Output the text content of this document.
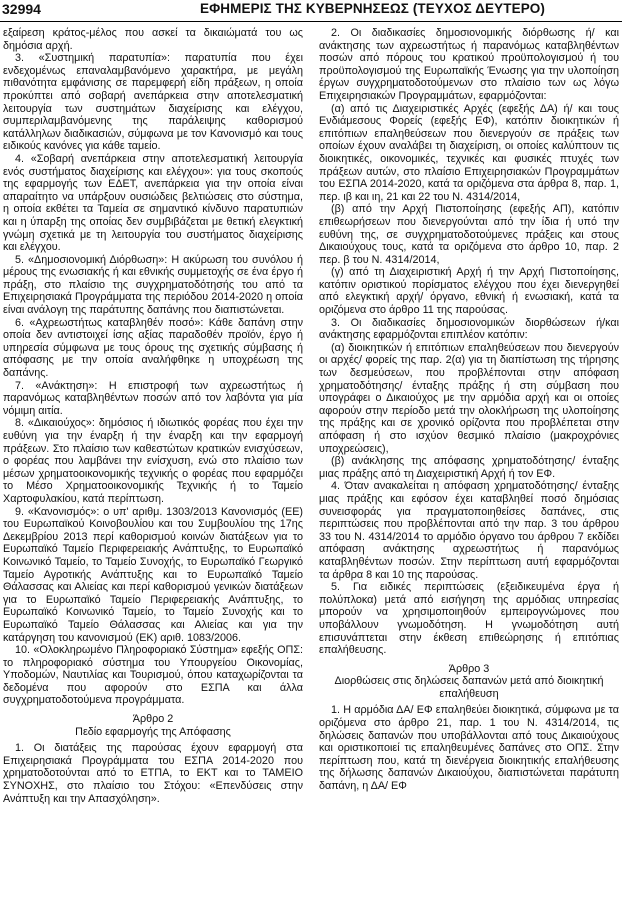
32994	ΕΦΗΜΕΡΙΣ ΤΗΣ ΚΥΒΕΡΝΗΣΕΩΣ (ΤΕΥΧΟΣ ΔΕΥΤΕΡΟ)

εξαίρεση κράτος-μέλος που ασκεί τα δικαιώματά του ως δημόσια αρχή.

3. «Συστημική παρατυπία»: παρατυπία που έχει ενδεχομένως επαναλαμβανόμενο χαρακτήρα, με μεγάλη πιθανότητα εμφάνισης σε παρεμφερή είδη πράξεων, η οποία προκύπτει από σοβαρή ανεπάρκεια στην αποτελεσματική λειτουργία των συστημάτων διαχείρισης και ελέγχου, συμπεριλαμβανόμενης της παράλειψης καθορισμού κατάλληλων διαδικασιών, σύμφωνα με τον Κανονισμό και τους ειδικούς κανόνες για κάθε ταμείο.

4. «Σοβαρή ανεπάρκεια στην αποτελεσματική λειτουργία ενός συστήματος διαχείρισης και ελέγχου»: για τους σκοπούς της εφαρμογής των ΕΔΕΤ, ανεπάρκεια για την οποία είναι απαραίτητο να υπάρξουν ουσιώδεις βελτιώσεις στο σύστημα, η οποία εκθέτει τα Ταμεία σε σημαντικό κίνδυνο παρατυπιών και η ύπαρξη της οποίας δεν συμβιβάζεται με θετική ελεγκτική γνώμη σχετικά με τη λειτουργία του συστήματος διαχείρισης και ελέγχου.

5. «Δημοσιονομική Διόρθωση»: Η ακύρωση του συνόλου ή μέρους της ενωσιακής ή και εθνικής συμμετοχής σε ένα έργο ή πράξη, στο πλαίσιο της συγχρηματοδότησής του από τα Επιχειρησιακά Προγράμματα της περιόδου 2014-2020 η οποία είναι ανάλογη της παράτυπης δαπάνης που διαπιστώνεται.

6. «Αχρεωστήτως καταβληθέν ποσό»: Κάθε δαπάνη στην οποία δεν αντιστοιχεί ίσης αξίας παραδοθέν προϊόν, έργο ή υπηρεσία σύμφωνα με τους όρους της σχετικής σύμβασης ή απόφασης με την οποία αναλήφθηκε η υποχρέωση της δαπάνης.

7. «Ανάκτηση»: Η επιστροφή των αχρεωστήτως ή παρανόμως καταβληθέντων ποσών από τον λαβόντα για μία νόμιμη αιτία.

8. «Δικαιούχος»: δημόσιος ή ιδιωτικός φορέας που έχει την ευθύνη για την έναρξη ή την έναρξη και την εφαρμογή πράξεων. Στο πλαίσιο των καθεστώτων κρατικών ενισχύσεων, ο φορέας που λαμβάνει την ενίσχυση, ενώ στο πλαίσιο των μέσων χρηματοοικονομικής τεχνικής ο φορέας που εφαρμόζει το Μέσο Χρηματοοικονομικής Τεχνικής ή το Ταμείο Χαρτοφυλακίου, κατά περίπτωση.

9. «Κανονισμός»: ο υπ' αριθμ. 1303/2013 Κανονισμός (ΕΕ) του Ευρωπαϊκού Κοινοβουλίου και του Συμβουλίου της 17ης Δεκεμβρίου 2013 περί καθορισμού κοινών διατάξεων για το Ευρωπαϊκό Ταμείο Περιφερειακής Ανάπτυξης, το Ευρωπαϊκό Κοινωνικό Ταμείο, το Ταμείο Συνοχής, το Ευρωπαϊκό Γεωργικό Ταμείο Αγροτικής Ανάπτυξης και το Ευρωπαϊκό Ταμείο Θάλασσας και Αλιείας και περί καθορισμού γενικών διατάξεων για το Ευρωπαϊκό Ταμείο Περιφερειακής Ανάπτυξης, το Ευρωπαϊκό Κοινωνικό Ταμείο, το Ταμείο Συνοχής και το Ευρωπαϊκό Ταμείο Θάλασσας και Αλιείας και για την κατάργηση του κανονισμού (ΕΚ) αριθ. 1083/2006.

10. «Ολοκληρωμένο Πληροφοριακό Σύστημα» εφεξής ΟΠΣ: το πληροφοριακό σύστημα του Υπουργείου Οικονομίας, Υποδομών, Ναυτιλίας και Τουρισμού, όπου καταχωρίζονται τα δεδομένα που αφορούν στο ΕΣΠΑ και άλλα συγχρηματοδοτούμενα προγράμματα.

Άρθρο 2

Πεδίο εφαρμογής της Απόφασης

1. Οι διατάξεις της παρούσας έχουν εφαρμογή στα Επιχειρησιακά Προγράμματα του ΕΣΠΑ 2014-2020 που χρηματοδοτούνται από το ΕΤΠΑ, το ΕΚΤ και το ΤΑΜΕΙΟ ΣΥΝΟΧΗΣ, στο πλαίσιο του Στόχου: «Επενδύσεις στην Ανάπτυξη και την Απασχόληση».

2. Οι διαδικασίες δημοσιονομικής διόρθωσης ή/ και ανάκτησης των αχρεωστήτως ή παρανόμως καταβληθέντων ποσών από πόρους του κρατικού προϋπολογισμού ή του προϋπολογισμού της Ευρωπαϊκής Ένωσης για την υλοποίηση έργων συγχρηματοδοτούμενων στο πλαίσιο των ως λόγω Επιχειρησιακών Προγραμμάτων, εφαρμόζονται:

(α) από τις Διαχειριστικές Αρχές (εφεξής ΔΑ) ή/ και τους Ενδιάμεσους Φορείς (εφεξής ΕΦ), κατόπιν διοικητικών ή επιτόπιων επαληθεύσεων που διενεργούν σε πράξεις των οποίων έχουν αναλάβει τη διαχείριση, οι οποίες καλύπτουν τις διοικητικές, οικονομικές, τεχνικές και φυσικές πτυχές των πράξεων αυτών, στο πλαίσιο Επιχειρησιακών Προγραμμάτων του ΕΣΠΑ 2014-2020, κατά τα οριζόμενα στα άρθρα 8, παρ. 1, περ. ιβ και ιη, 21 και 22 του Ν. 4314/2014,

(β) από την Αρχή Πιστοποίησης (εφεξής ΑΠ), κατόπιν επιθεωρήσεων που διενεργούνται από την ίδια ή υπό την ευθύνη της, σε συγχρηματοδοτούμενες πράξεις και στους Δικαιούχους τους, κατά τα οριζόμενα στο άρθρο 10, παρ. 2 περ. β του Ν. 4314/2014,

(γ) από τη Διαχειριστική Αρχή ή την Αρχή Πιστοποίησης, κατόπιν οριστικού πορίσματος ελέγχου που έχει διενεργηθεί από ελεγκτική αρχή/ όργανο, εθνική ή ενωσιακή, κατά τα οριζόμενα στο άρθρο 11 της παρούσας.

3. Οι διαδικασίες δημοσιονομικών διορθώσεων ή/και ανάκτησης εφαρμόζονται επιπλέον κατόπιν:

(α) διοικητικών ή επιτόπιων επαληθεύσεων που διενεργούν οι αρχές/ φορείς της παρ. 2(α) για τη διαπίστωση της τήρησης των δεσμεύσεων, που προβλέπονται στην απόφαση χρηματοδότησης/ ένταξης πράξης ή στη σύμβαση που υπογράφει ο Δικαιούχος με την αρμόδια αρχή και οι οποίες αφορούν στην περίοδο μετά την ολοκλήρωση της υλοποίησης της πράξης και σε χρονικό ορίζοντα που προβλέπεται στην απόφαση ή στο ισχύον θεσμικό πλαίσιο (μακροχρόνιες υποχρεώσεις),

(β) ανάκλησης της απόφασης χρηματοδότησης/ ένταξης μιας πράξης από τη Διαχειριστική Αρχή ή τον ΕΦ.

4. Όταν ανακαλείται η απόφαση χρηματοδότησης/ ένταξης μιας πράξης και εφόσον έχει καταβληθεί ποσό δημόσιας συνεισφοράς για πραγματοποιηθείσες δαπάνες, στις περιπτώσεις που προβλέπονται από την παρ. 3 του άρθρου 33 του Ν. 4314/2014 το αρμόδιο όργανο του άρθρου 7 εκδίδει απόφαση ανάκτησης αχρεωστήτως ή παρανόμως καταβληθέντων ποσών. Στην περίπτωση αυτή εφαρμόζονται τα άρθρα 8 και 10 της παρούσας.

5. Για ειδικές περιπτώσεις (εξειδικευμένα έργα ή πολύπλοκα) μετά από εισήγηση της αρμόδιας υπηρεσίας μπορούν να χρησιμοποιηθούν εμπειρογνώμονες που υποβάλλουν γνωμοδότηση. Η γνωμοδότηση αυτή επισυνάπτεται στην έκθεση επιθεώρησης ή επιτόπιας επαλήθευσης.

Άρθρο 3

Διορθώσεις στις δηλώσεις δαπανών μετά από διοικητική επαλήθευση

1. Η αρμόδια ΔΑ/ ΕΦ επαληθεύει διοικητικά, σύμφωνα με τα οριζόμενα στο άρθρο 21, παρ. 1 του Ν. 4314/2014, τις δηλώσεις δαπανών που υποβάλλονται από τους Δικαιούχους και οριστικοποιεί τις επαληθευμένες δαπάνες στο ΟΠΣ. Στην περίπτωση που, κατά τη διενέργεια διοικητικής επαλήθευσης της δήλωσης δαπανών Δικαιούχου, διαπιστώνεται παράτυπη δαπάνη, η ΔΑ/ ΕΦ
